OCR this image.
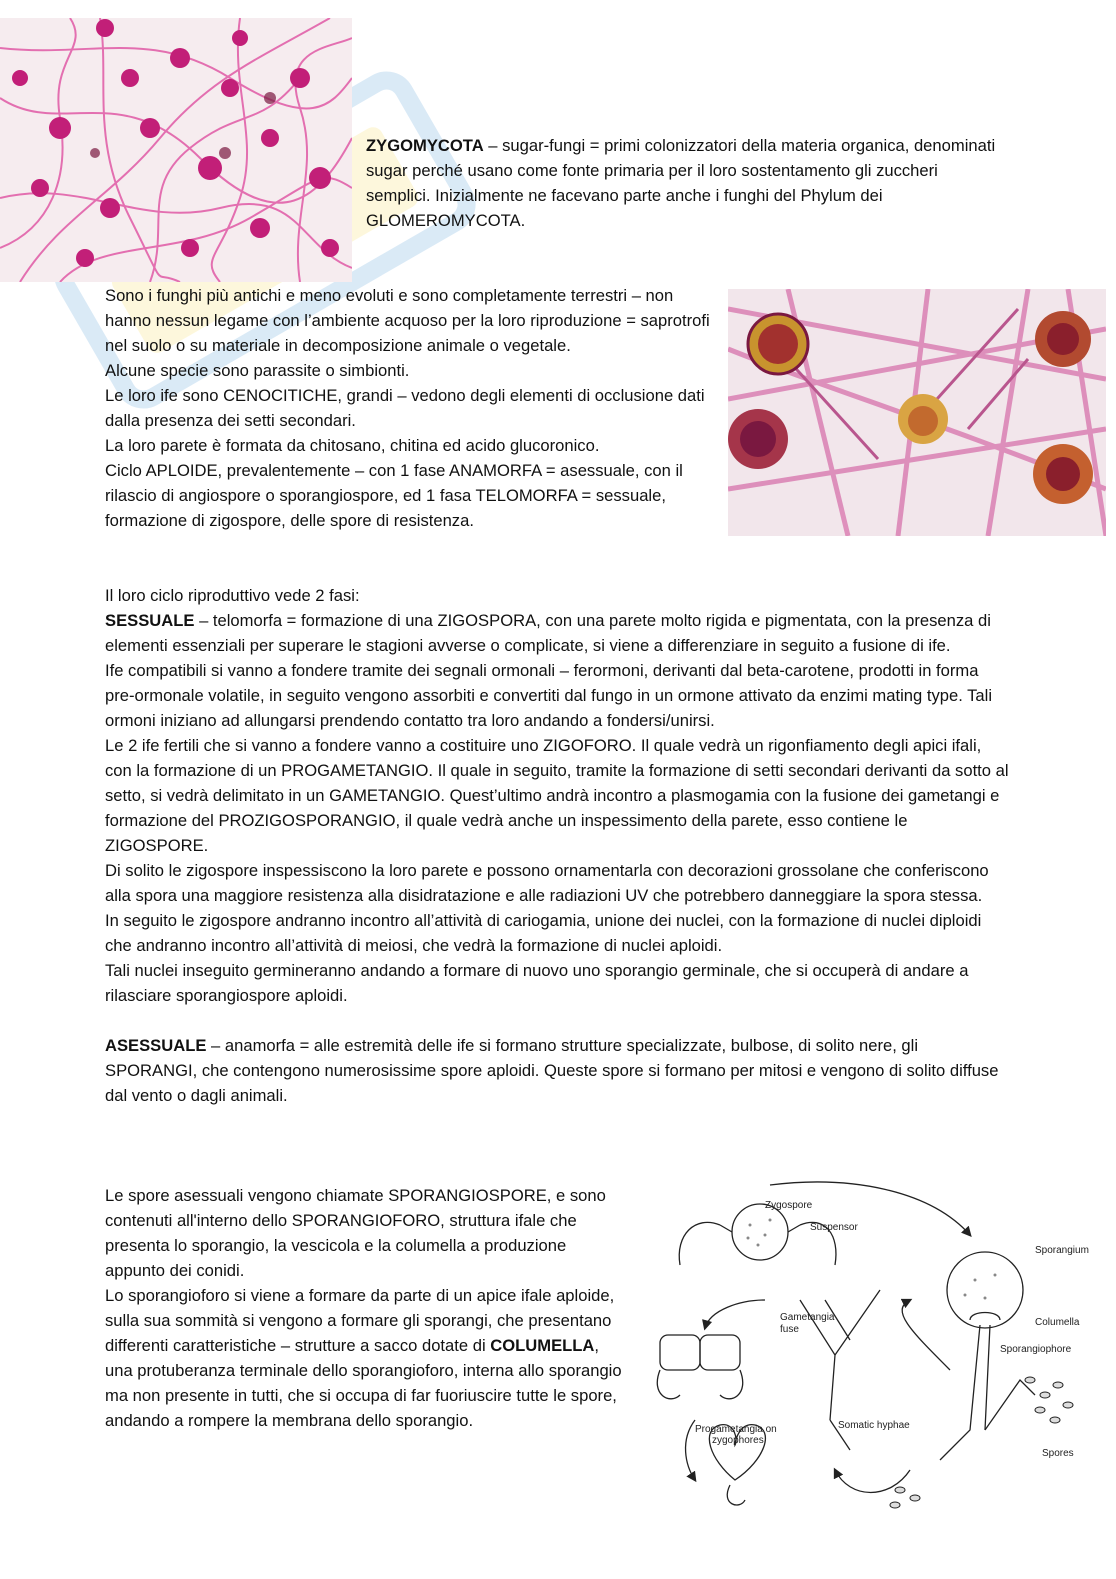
ZYGOMYCOTA – sugar-fungi = primi colonizzatori della materia organica, denominati sugar perché usano come fonte primaria per il loro sostentamento gli zuccheri semplici. Inizialmente ne facevano parte anche i funghi del Phylum dei GLOMEROMYCOTA.

Sono i funghi più antichi e meno evoluti e sono completamente terrestri – non hanno nessun legame con l’ambiente acquoso per la loro riproduzione = saprotrofi nel suolo o su materiale in decomposizione animale o vegetale.

Alcune specie sono parassite o simbionti.

Le loro ife sono CENOCITICHE, grandi – vedono degli elementi di occlusione dati dalla presenza dei setti secondari.

La loro parete è formata da chitosano, chitina ed acido glucoronico.

Ciclo APLOIDE, prevalentemente – con 1 fase ANAMORFA = asessuale, con il rilascio di angiospore o sporangiospore, ed 1 fasa TELOMORFA = sessuale, formazione di zigospore, delle spore di resistenza.

Il loro ciclo riproduttivo vede 2 fasi:

SESSUALE – telomorfa = formazione di una ZIGOSPORA, con una parete molto rigida e pigmentata, con la presenza di elementi essenziali per superare le stagioni avverse o complicate, si viene a differenziare in seguito a fusione di ife.

Ife compatibili si vanno a fondere tramite dei segnali ormonali – ferormoni, derivanti dal beta-carotene, prodotti in forma pre-ormonale volatile, in seguito vengono assorbiti e convertiti dal fungo in un ormone attivato da enzimi mating type. Tali ormoni iniziano ad allungarsi prendendo contatto tra loro andando a fondersi/unirsi.

Le 2 ife fertili che si vanno a fondere vanno a costituire uno ZIGOFORO. Il quale vedrà un rigonfiamento degli apici ifali, con la formazione di un PROGAMETANGIO. Il quale in seguito, tramite la formazione di setti secondari derivanti da sotto al setto, si vedrà delimitato in un GAMETANGIO. Quest’ultimo andrà incontro a plasmogamia con la fusione dei gametangi e formazione del PROZIGOSPORANGIO, il quale vedrà anche un inspessimento della parete, esso contiene le ZIGOSPORE.

Di solito le zigospore inspessiscono la loro parete e possono ornamentarla con decorazioni grossolane che conferiscono alla spora una maggiore resistenza alla disidratazione e alle radiazioni UV che potrebbero danneggiare la spora stessa.

In seguito le zigospore andranno incontro all’attività di cariogamia, unione dei nuclei, con la formazione di nuclei diploidi che andranno incontro all’attività di meiosi, che vedrà la formazione di nuclei aploidi.

Tali nuclei inseguito germineranno andando a formare di nuovo uno sporangio germinale, che si occuperà di andare a rilasciare sporangiospore aploidi.

ASESSUALE – anamorfa = alle estremità delle ife si formano strutture specializzate, bulbose, di solito nere, gli SPORANGI, che contengono numerosissime spore aploidi. Queste spore si formano per mitosi e vengono di solito diffuse dal vento o dagli animali.

Le spore asessuali vengono chiamate SPORANGIOSPORE, e sono contenuti all'interno dello SPORANGIOFORO, struttura ifale che presenta lo sporangio, la vescicola e la columella a produzione appunto dei conidi.

Lo sporangioforo si viene a formare da parte di un apice ifale aploide, sulla sua sommità si vengono a formare gli sporangi, che presentano differenti caratteristiche – strutture a sacco dotate di COLUMELLA, una protuberanza terminale dello sporangioforo, interna allo sporangio ma non presente in tutti, che si occupa di far fuoriuscire tutte le spore, andando a rompere la membrana dello sporangio.

Zygospore
Suspensor
Sporangium
Gametangia
fuse
Columella
Sporangiophore
Somatic hyphae
Progametangia on
zygophores
Spores
